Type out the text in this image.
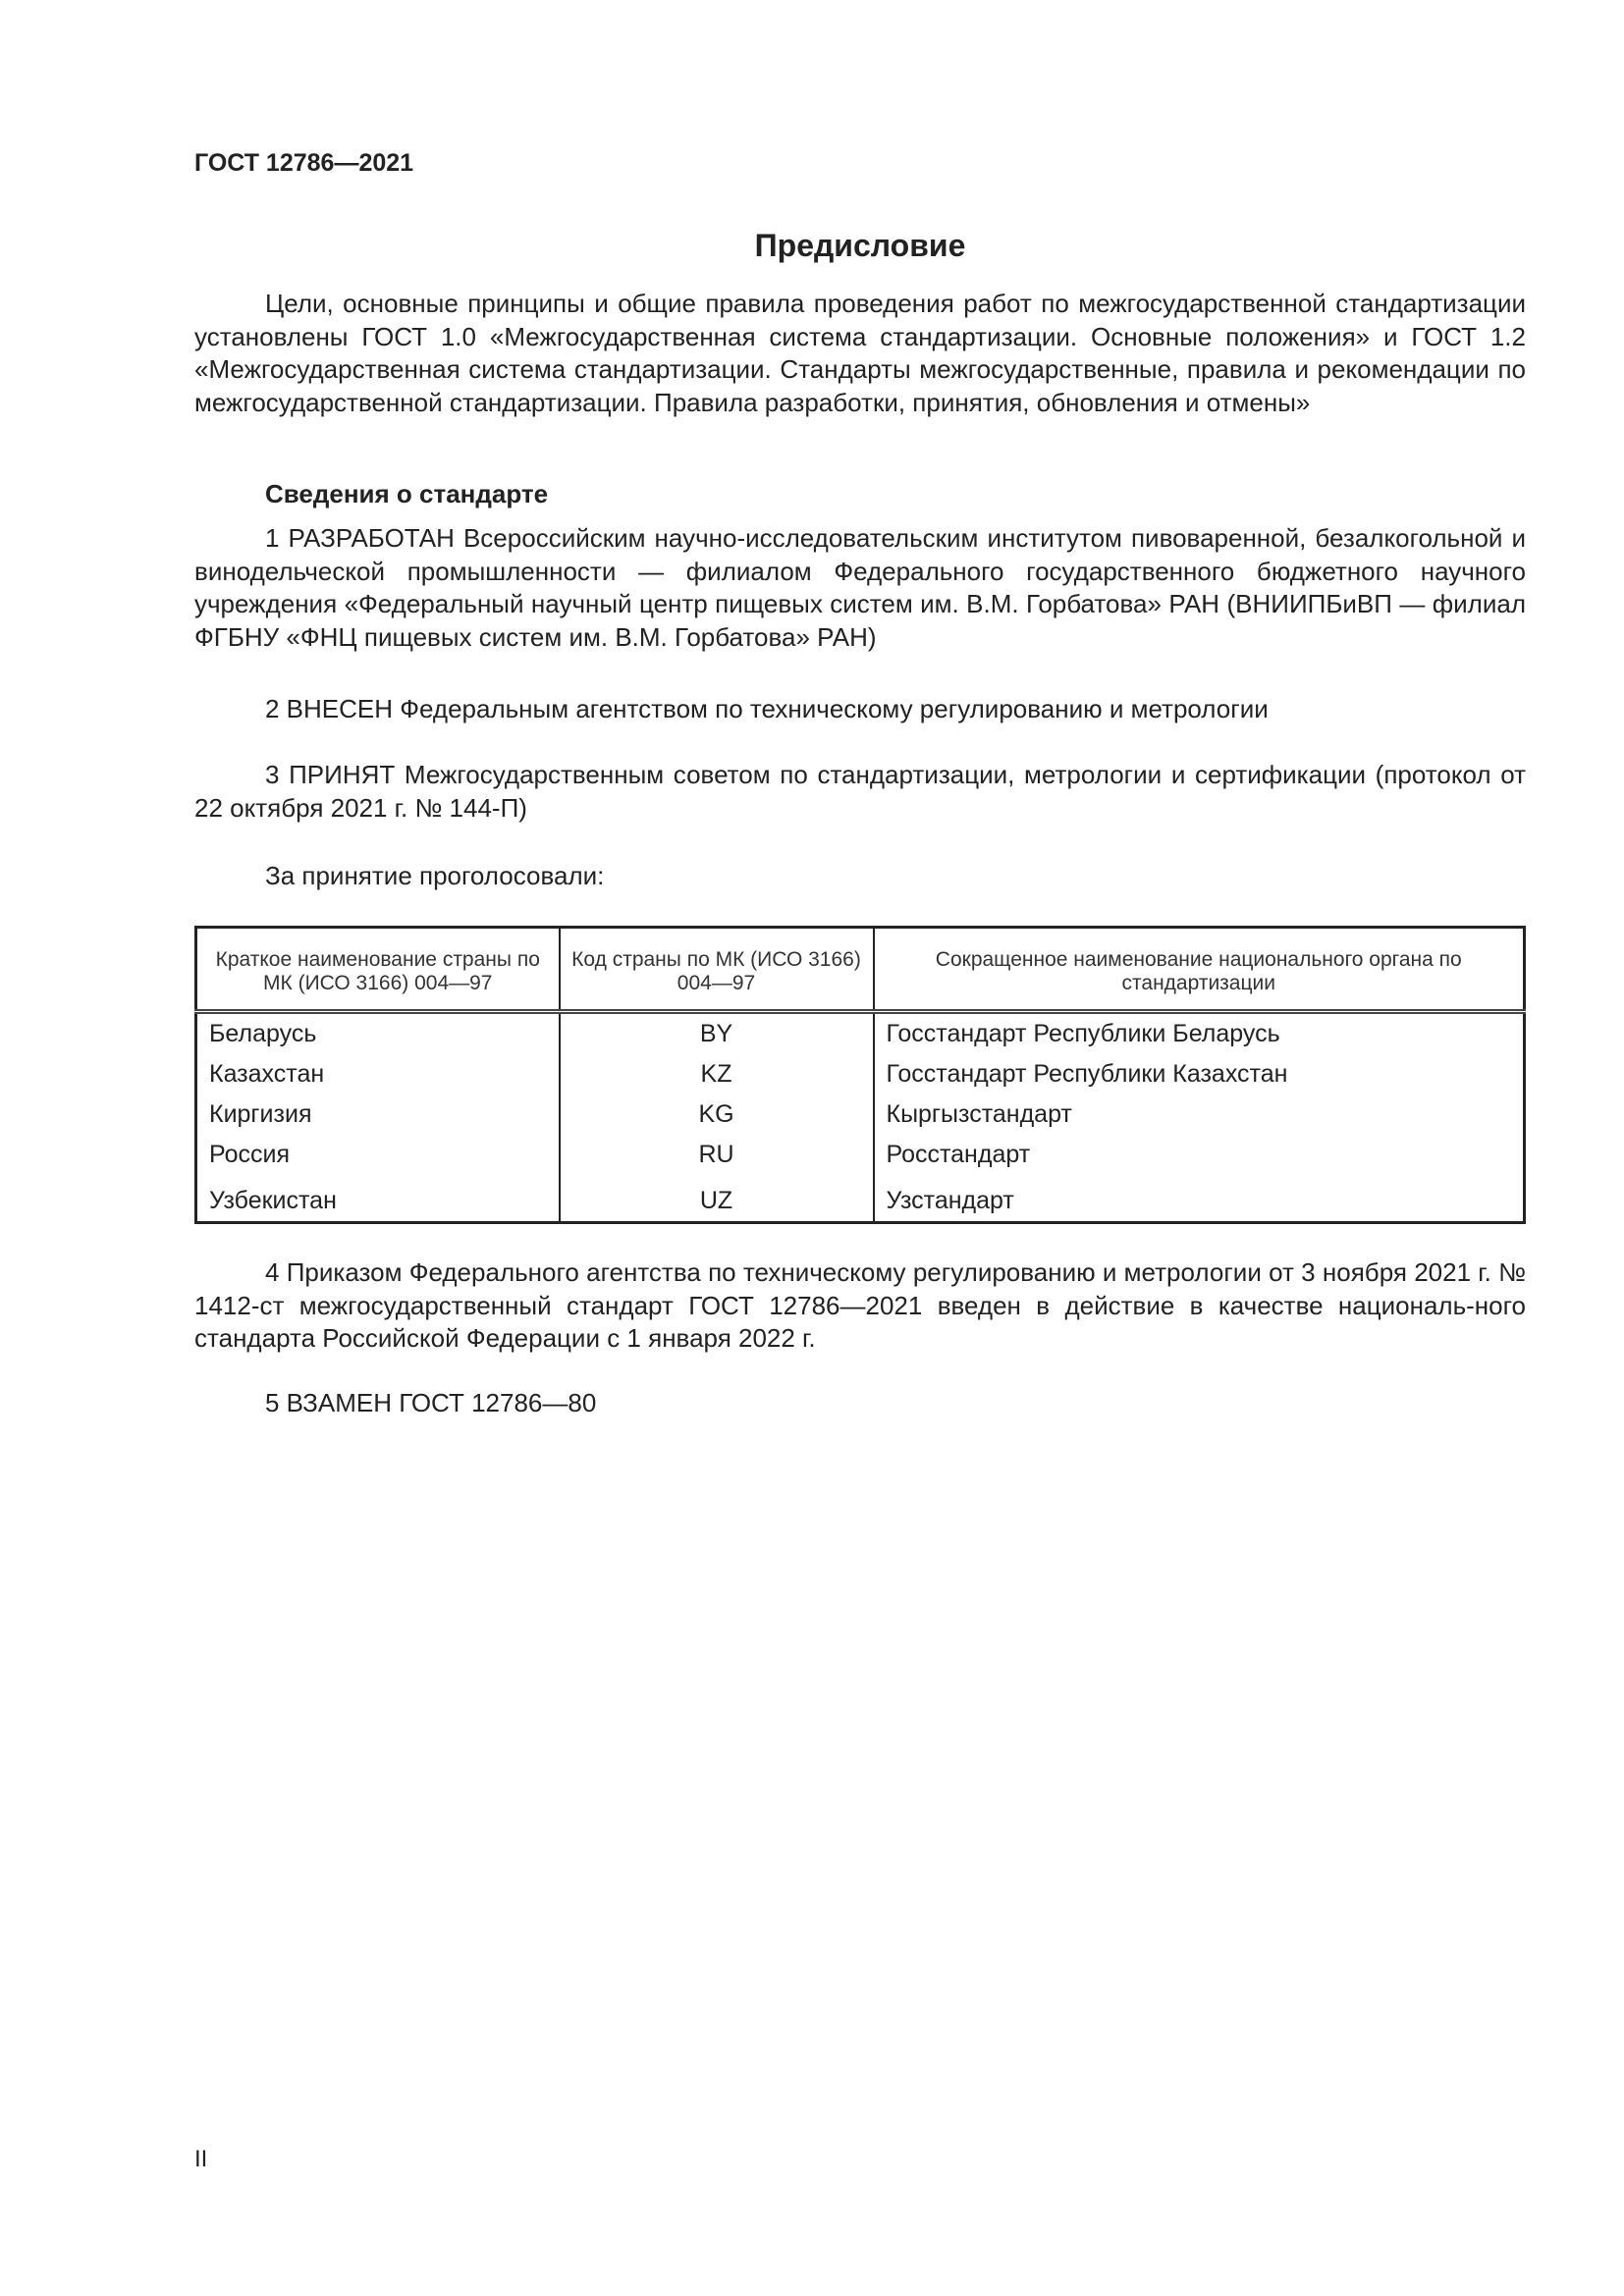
ГОСТ 12786—2021
Предисловие

Цели, основные принципы и общие правила проведения работ по межгосударственной стандартизации установлены ГОСТ 1.0 «Межгосударственная система стандартизации. Основные положения» и ГОСТ 1.2 «Межгосударственная система стандартизации. Стандарты межгосударственные, правила и рекомендации по межгосударственной стандартизации. Правила разработки, принятия, обновления и отмены»

Сведения о стандарте

1 РАЗРАБОТАН Всероссийским научно-исследовательским институтом пивоваренной, безалкогольной и винодельческой промышленности — филиалом Федерального государственного бюджетного научного учреждения «Федеральный научный центр пищевых систем им. В.М. Горбатова» РАН (ВНИИПБиВП — филиал ФГБНУ «ФНЦ пищевых систем им. В.М. Горбатова» РАН)

2 ВНЕСЕН Федеральным агентством по техническому регулированию и метрологии

3 ПРИНЯТ Межгосударственным советом по стандартизации, метрологии и сертификации (протокол от 22 октября 2021 г. № 144-П)

За принятие проголосовали:

Краткое наименование страны по МК (ИСО 3166) 004—97	Код страны по МК (ИСО 3166) 004—97	Сокращенное наименование национального органа по стандартизации
Беларусь	BY	Госстандарт Республики Беларусь
Казахстан	KZ	Госстандарт Республики Казахстан
Киргизия	KG	Кыргызстандарт
Россия	RU	Росстандарт
Узбекистан	UZ	Узстандарт

4 Приказом Федерального агентства по техническому регулированию и метрологии от 3 ноября 2021 г. № 1412-ст межгосударственный стандарт ГОСТ 12786—2021 введен в действие в качестве националь-ного стандарта Российской Федерации с 1 января 2022 г.

5 ВЗАМЕН ГОСТ 12786—80

II
